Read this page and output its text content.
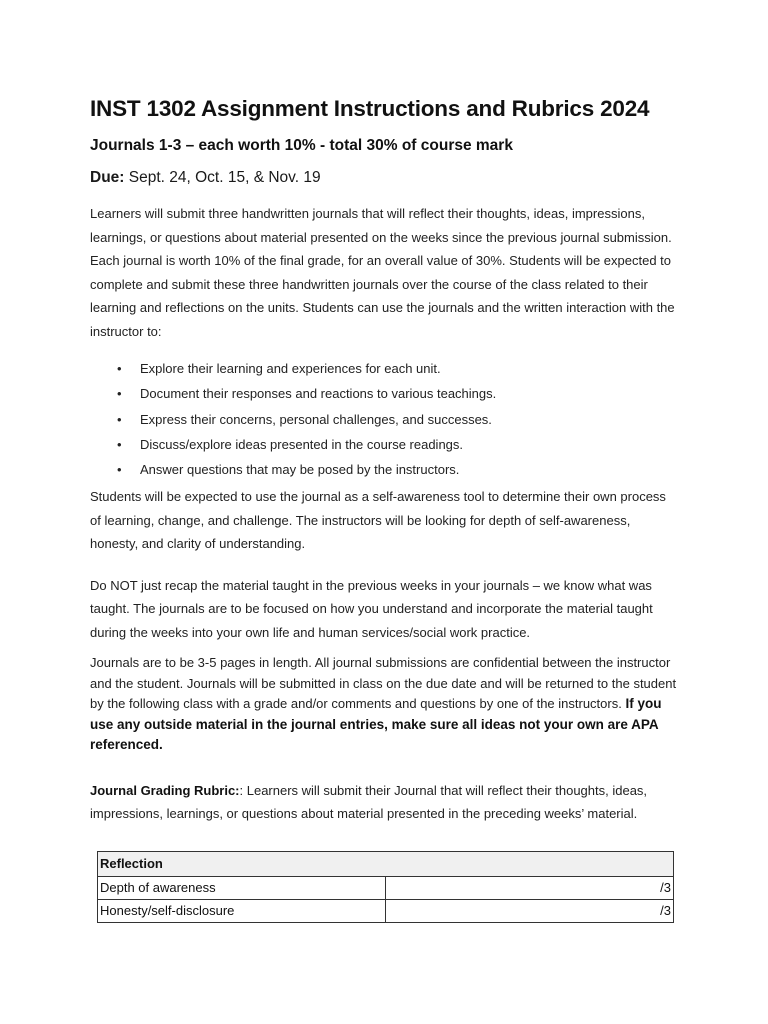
INST 1302 Assignment Instructions and Rubrics 2024
Journals 1-3 – each worth 10% - total 30% of course mark
Due: Sept. 24, Oct. 15, & Nov. 19

Learners will submit three handwritten journals that will reflect their thoughts, ideas, impressions, learnings, or questions about material presented on the weeks since the previous journal submission. Each journal is worth 10% of the final grade, for an overall value of 30%. Students will be expected to complete and submit these three handwritten journals over the course of the class related to their learning and reflections on the units. Students can use the journals and the written interaction with the instructor to:

• Explore their learning and experiences for each unit.
• Document their responses and reactions to various teachings.
• Express their concerns, personal challenges, and successes.
• Discuss/explore ideas presented in the course readings.
• Answer questions that may be posed by the instructors.

Students will be expected to use the journal as a self-awareness tool to determine their own process of learning, change, and challenge. The instructors will be looking for depth of self-awareness, honesty, and clarity of understanding.

Do NOT just recap the material taught in the previous weeks in your journals – we know what was taught. The journals are to be focused on how you understand and incorporate the material taught during the weeks into your own life and human services/social work practice.

Journals are to be 3-5 pages in length. All journal submissions are confidential between the instructor and the student. Journals will be submitted in class on the due date and will be returned to the student by the following class with a grade and/or comments and questions by one of the instructors. If you use any outside material in the journal entries, make sure all ideas not your own are APA referenced.

Journal Grading Rubric:: Learners will submit their Journal that will reflect their thoughts, ideas, impressions, learnings, or questions about material presented in the preceding weeks’ material.

Reflection	
Depth of awareness	/3
Honesty/self-disclosure	/3
